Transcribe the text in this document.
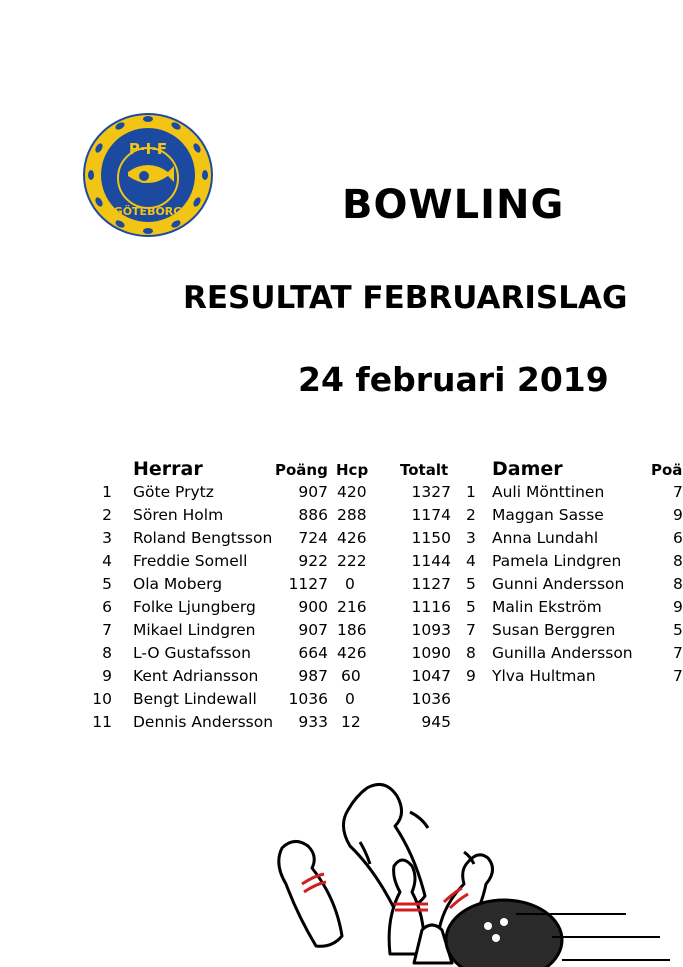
P·I·F
GÖTEBORG	BOWLING
RESULTAT FEBRUARISLAG
24 februari 2019
Herrar	Poäng Hcp Totalt Damer	Poä
1 Göte Prytz	907 420	1327
2 Sören Holm	886 288	1174
3 Roland Bengtsson	724 426	1150
4 Freddie Somell	922 222	1144
5 Ola Moberg	1127 0	1127
6 Folke Ljungberg	900 216	1116
7 Mikael Lindgren	907 186	1093
8 L-O Gustafsson	664 426	1090
9 Kent Adriansson	987 60	1047
10 Bengt Lindewall	1036 0	1036
11 Dennis Andersson	933 12	945
1 Auli Mönttinen	7
2 Maggan Sasse	9
3 Anna Lundahl	6
4 Pamela Lindgren	8
5 Gunni Andersson	8
5 Malin Ekström	9
7 Susan Berggren	5
8 Gunilla Andersson	7
9 Ylva Hultman	7
